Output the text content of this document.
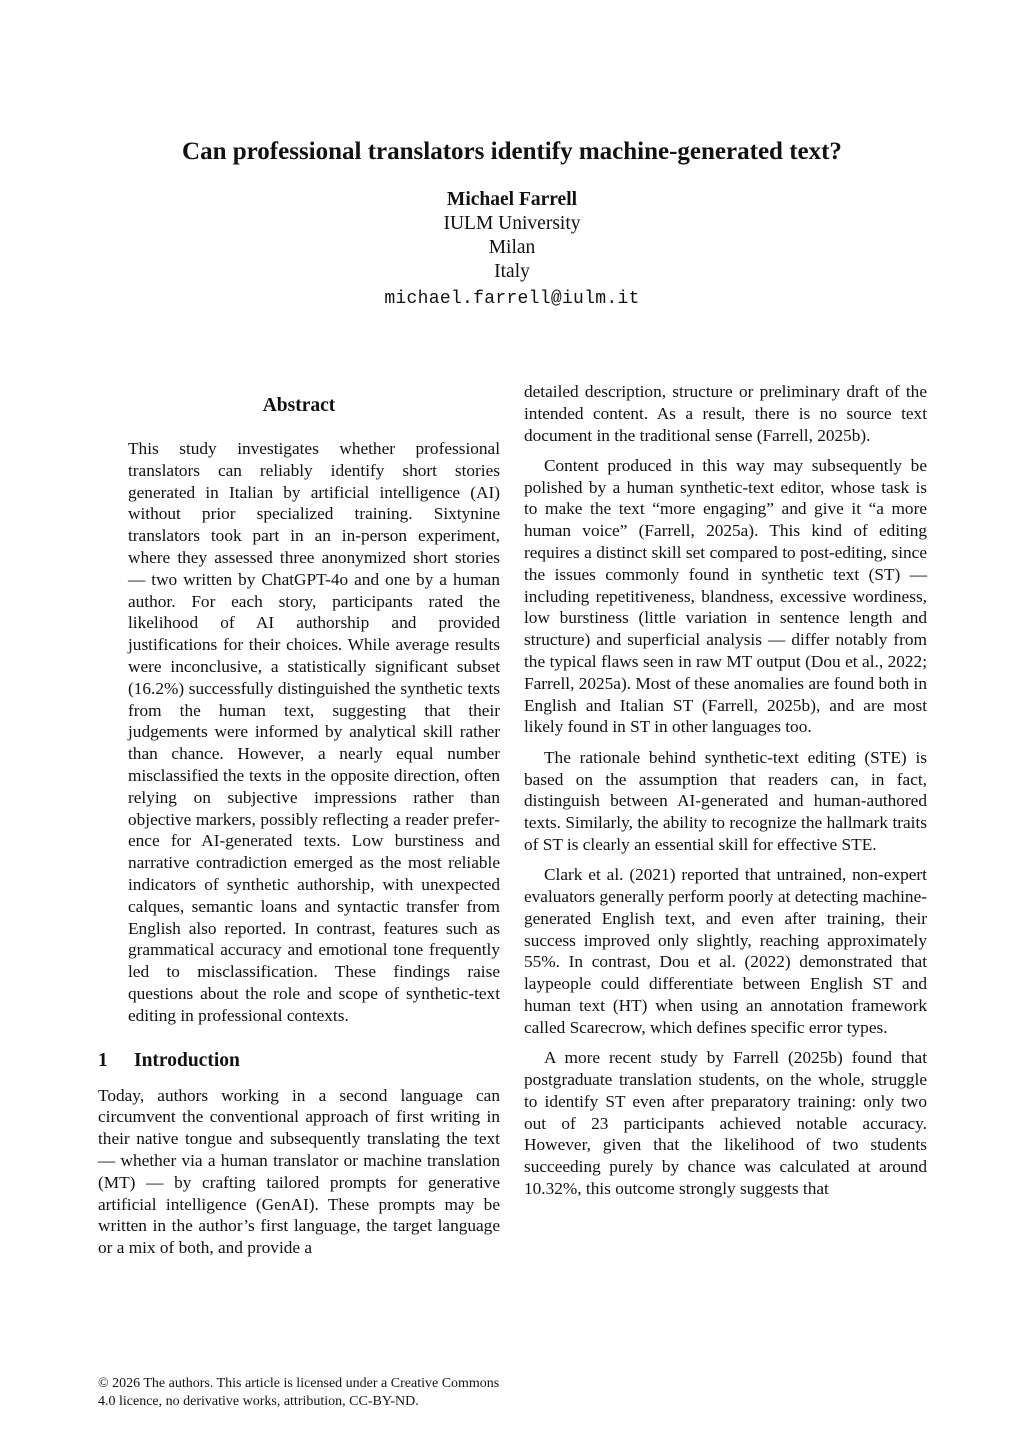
Can professional translators identify machine-generated text?
Michael Farrell
IULM University
Milan
Italy
michael.farrell@iulm.it
Abstract

This study investigates whether professional translators can reliably identify short stories generated in Italian by artificial intelligence (AI) without prior specialized training. Sixtynine translators took part in an in-person experiment, where they assessed three anonymized short stories — two written by ChatGPT-4o and one by a human author. For each story, participants rated the likelihood of AI authorship and provided justifications for their choices. While average results were inconclusive, a statistically significant subset (16.2%) successfully distinguished the synthetic texts from the human text, suggesting that their judgements were informed by analytical skill rather than chance. However, a nearly equal number misclassified the texts in the opposite direction, often relying on subjective impressions rather than objective markers, possibly reflecting a reader preference for AI-generated texts. Low burstiness and narrative contradiction emerged as the most reliable indicators of synthetic authorship, with unexpected calques, semantic loans and syntactic transfer from English also reported. In contrast, features such as grammatical accuracy and emotional tone frequently led to misclassification. These findings raise questions about the role and scope of synthetic-text editing in professional contexts.

1	Introduction

Today, authors working in a second language can circumvent the conventional approach of first writing in their native tongue and subsequently translating the text — whether via a human translator or machine translation (MT) — by crafting tailored prompts for generative artificial intelligence (GenAI). These prompts may be written in the author’s first language, the target language or a mix of both, and provide a

detailed description, structure or preliminary draft of the intended content. As a result, there is no source text document in the traditional sense (Farrell, 2025b).

Content produced in this way may subsequently be polished by a human synthetic-text editor, whose task is to make the text “more engaging” and give it “a more human voice” (Farrell, 2025a). This kind of editing requires a distinct skill set compared to post-editing, since the issues commonly found in synthetic text (ST) — including repetitiveness, blandness, excessive wordiness, low burstiness (little variation in sentence length and structure) and superficial analysis — differ notably from the typical flaws seen in raw MT output (Dou et al., 2022; Farrell, 2025a). Most of these anomalies are found both in English and Italian ST (Farrell, 2025b), and are most likely found in ST in other languages too.

The rationale behind synthetic-text editing (STE) is based on the assumption that readers can, in fact, distinguish between AI-generated and human-authored texts. Similarly, the ability to recognize the hallmark traits of ST is clearly an essential skill for effective STE.

Clark et al. (2021) reported that untrained, non-expert evaluators generally perform poorly at detecting machine-generated English text, and even after training, their success improved only slightly, reaching approximately 55%. In contrast, Dou et al. (2022) demonstrated that laypeople could differentiate between English ST and human text (HT) when using an annotation framework called Scarecrow, which defines specific error types.

A more recent study by Farrell (2025b) found that postgraduate translation students, on the whole, struggle to identify ST even after preparatory training: only two out of 23 participants achieved notable accuracy. However, given that the likelihood of two students succeeding purely by chance was calculated at around 10.32%, this outcome strongly suggests that

© 2026 The authors. This article is licensed under a Creative Commons 4.0 licence, no derivative works, attribution, CC-BY-ND.
